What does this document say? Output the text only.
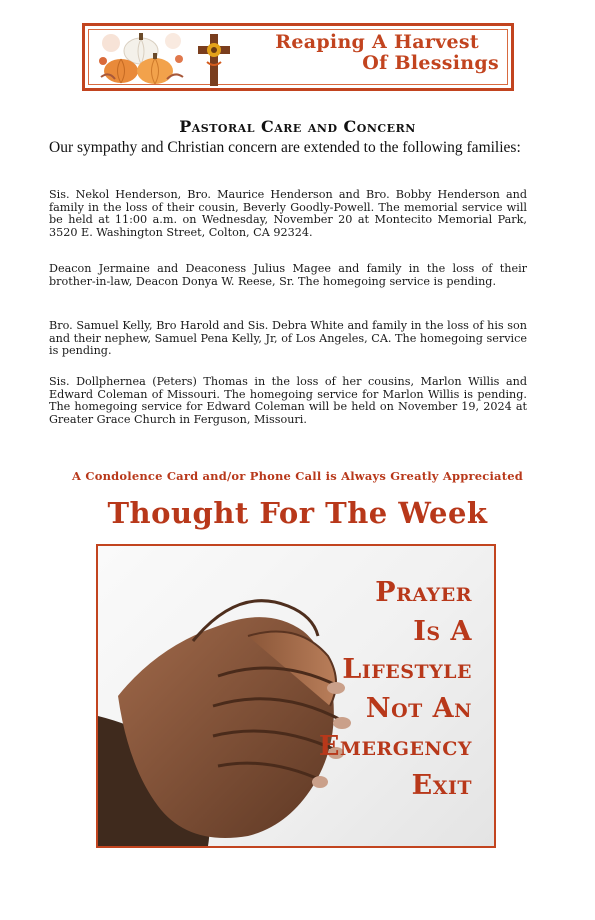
Reaping A Harvest
Of Blessings
Pastoral Care and Concern
Our sympathy and Christian concern are extended to the following families:
Sis. Nekol Henderson, Bro. Maurice Henderson and Bro. Bobby Henderson and family in the loss of their cousin, Beverly Goodly-Powell. The memorial service will be held at 11:00 a.m. on Wednesday, November 20 at Montecito Memorial Park, 3520 E. Washington Street, Colton, CA 92324.
Deacon Jermaine and Deaconess Julius Magee and family in the loss of their brother-in-law, Deacon Donya W. Reese, Sr. The homegoing service is pending.
Bro. Samuel Kelly, Bro Harold and Sis. Debra White and family in the loss of his son and their nephew, Samuel Pena Kelly, Jr, of Los Angeles, CA. The homegoing service is pending.
Sis. Dollphernea (Peters) Thomas in the loss of her cousins, Marlon Willis and Edward Coleman of Missouri. The homegoing service for Marlon Willis is pending. The homegoing service for Edward Coleman will be held on November 19, 2024 at Greater Grace Church in Ferguson, Missouri.
A Condolence Card and/or Phone Call is Always Greatly Appreciated
Thought For The Week
Prayer
Is A
Lifestyle
Not An
Emergency
Exit
